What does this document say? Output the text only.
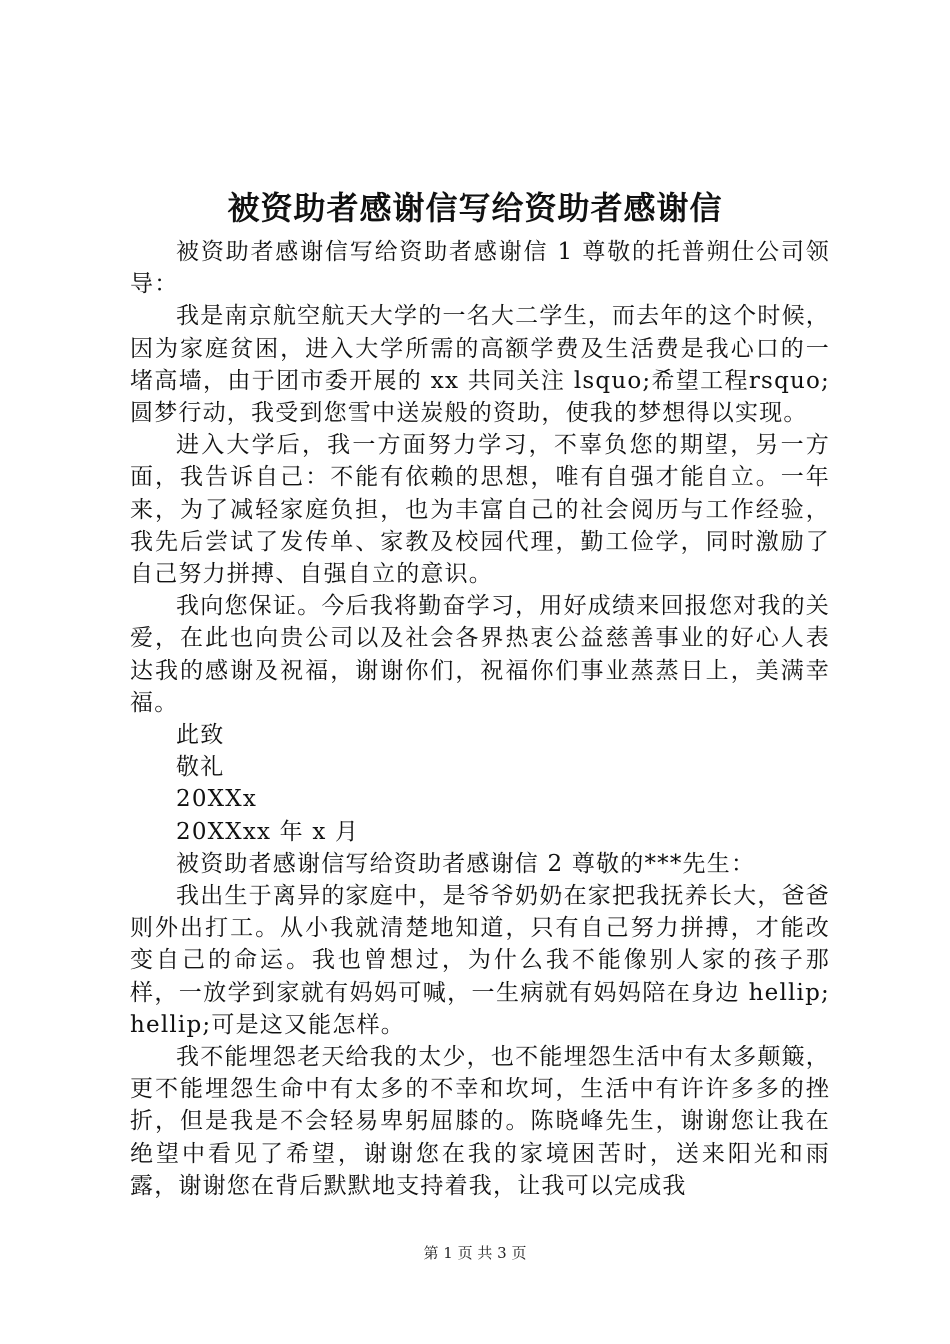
被资助者感谢信写给资助者感谢信

被资助者感谢信写给资助者感谢信 1 尊敬的托普朔仕公司领导：

我是南京航空航天大学的一名大二学生，而去年的这个时候，因为家庭贫困，进入大学所需的高额学费及生活费是我心口的一堵高墙，由于团市委开展的 xx 共同关注 lsquo;希望工程rsquo;圆梦行动，我受到您雪中送炭般的资助，使我的梦想得以实现。

进入大学后，我一方面努力学习，不辜负您的期望，另一方面，我告诉自己：不能有依赖的思想，唯有自强才能自立。一年来，为了减轻家庭负担，也为丰富自己的社会阅历与工作经验，我先后尝试了发传单、家教及校园代理，勤工俭学，同时激励了自己努力拼搏、自强自立的意识。

我向您保证。今后我将勤奋学习，用好成绩来回报您对我的关爱，在此也向贵公司以及社会各界热衷公益慈善事业的好心人表达我的感谢及祝福，谢谢你们，祝福你们事业蒸蒸日上，美满幸福。

此致

敬礼

20XXx

20XXxx 年 x 月

被资助者感谢信写给资助者感谢信 2 尊敬的***先生：

我出生于离异的家庭中，是爷爷奶奶在家把我抚养长大，爸爸则外出打工。从小我就清楚地知道，只有自己努力拼搏，才能改变自己的命运。我也曾想过，为什么我不能像别人家的孩子那样，一放学到家就有妈妈可喊，一生病就有妈妈陪在身边 hellip;hellip;可是这又能怎样。

我不能埋怨老天给我的太少，也不能埋怨生活中有太多颠簸，更不能埋怨生命中有太多的不幸和坎坷，生活中有许许多多的挫折，但是我是不会轻易卑躬屈膝的。陈晓峰先生，谢谢您让我在绝望中看见了希望，谢谢您在我的家境困苦时，送来阳光和雨露，谢谢您在背后默默地支持着我，让我可以完成我

第 1 页 共 3 页
